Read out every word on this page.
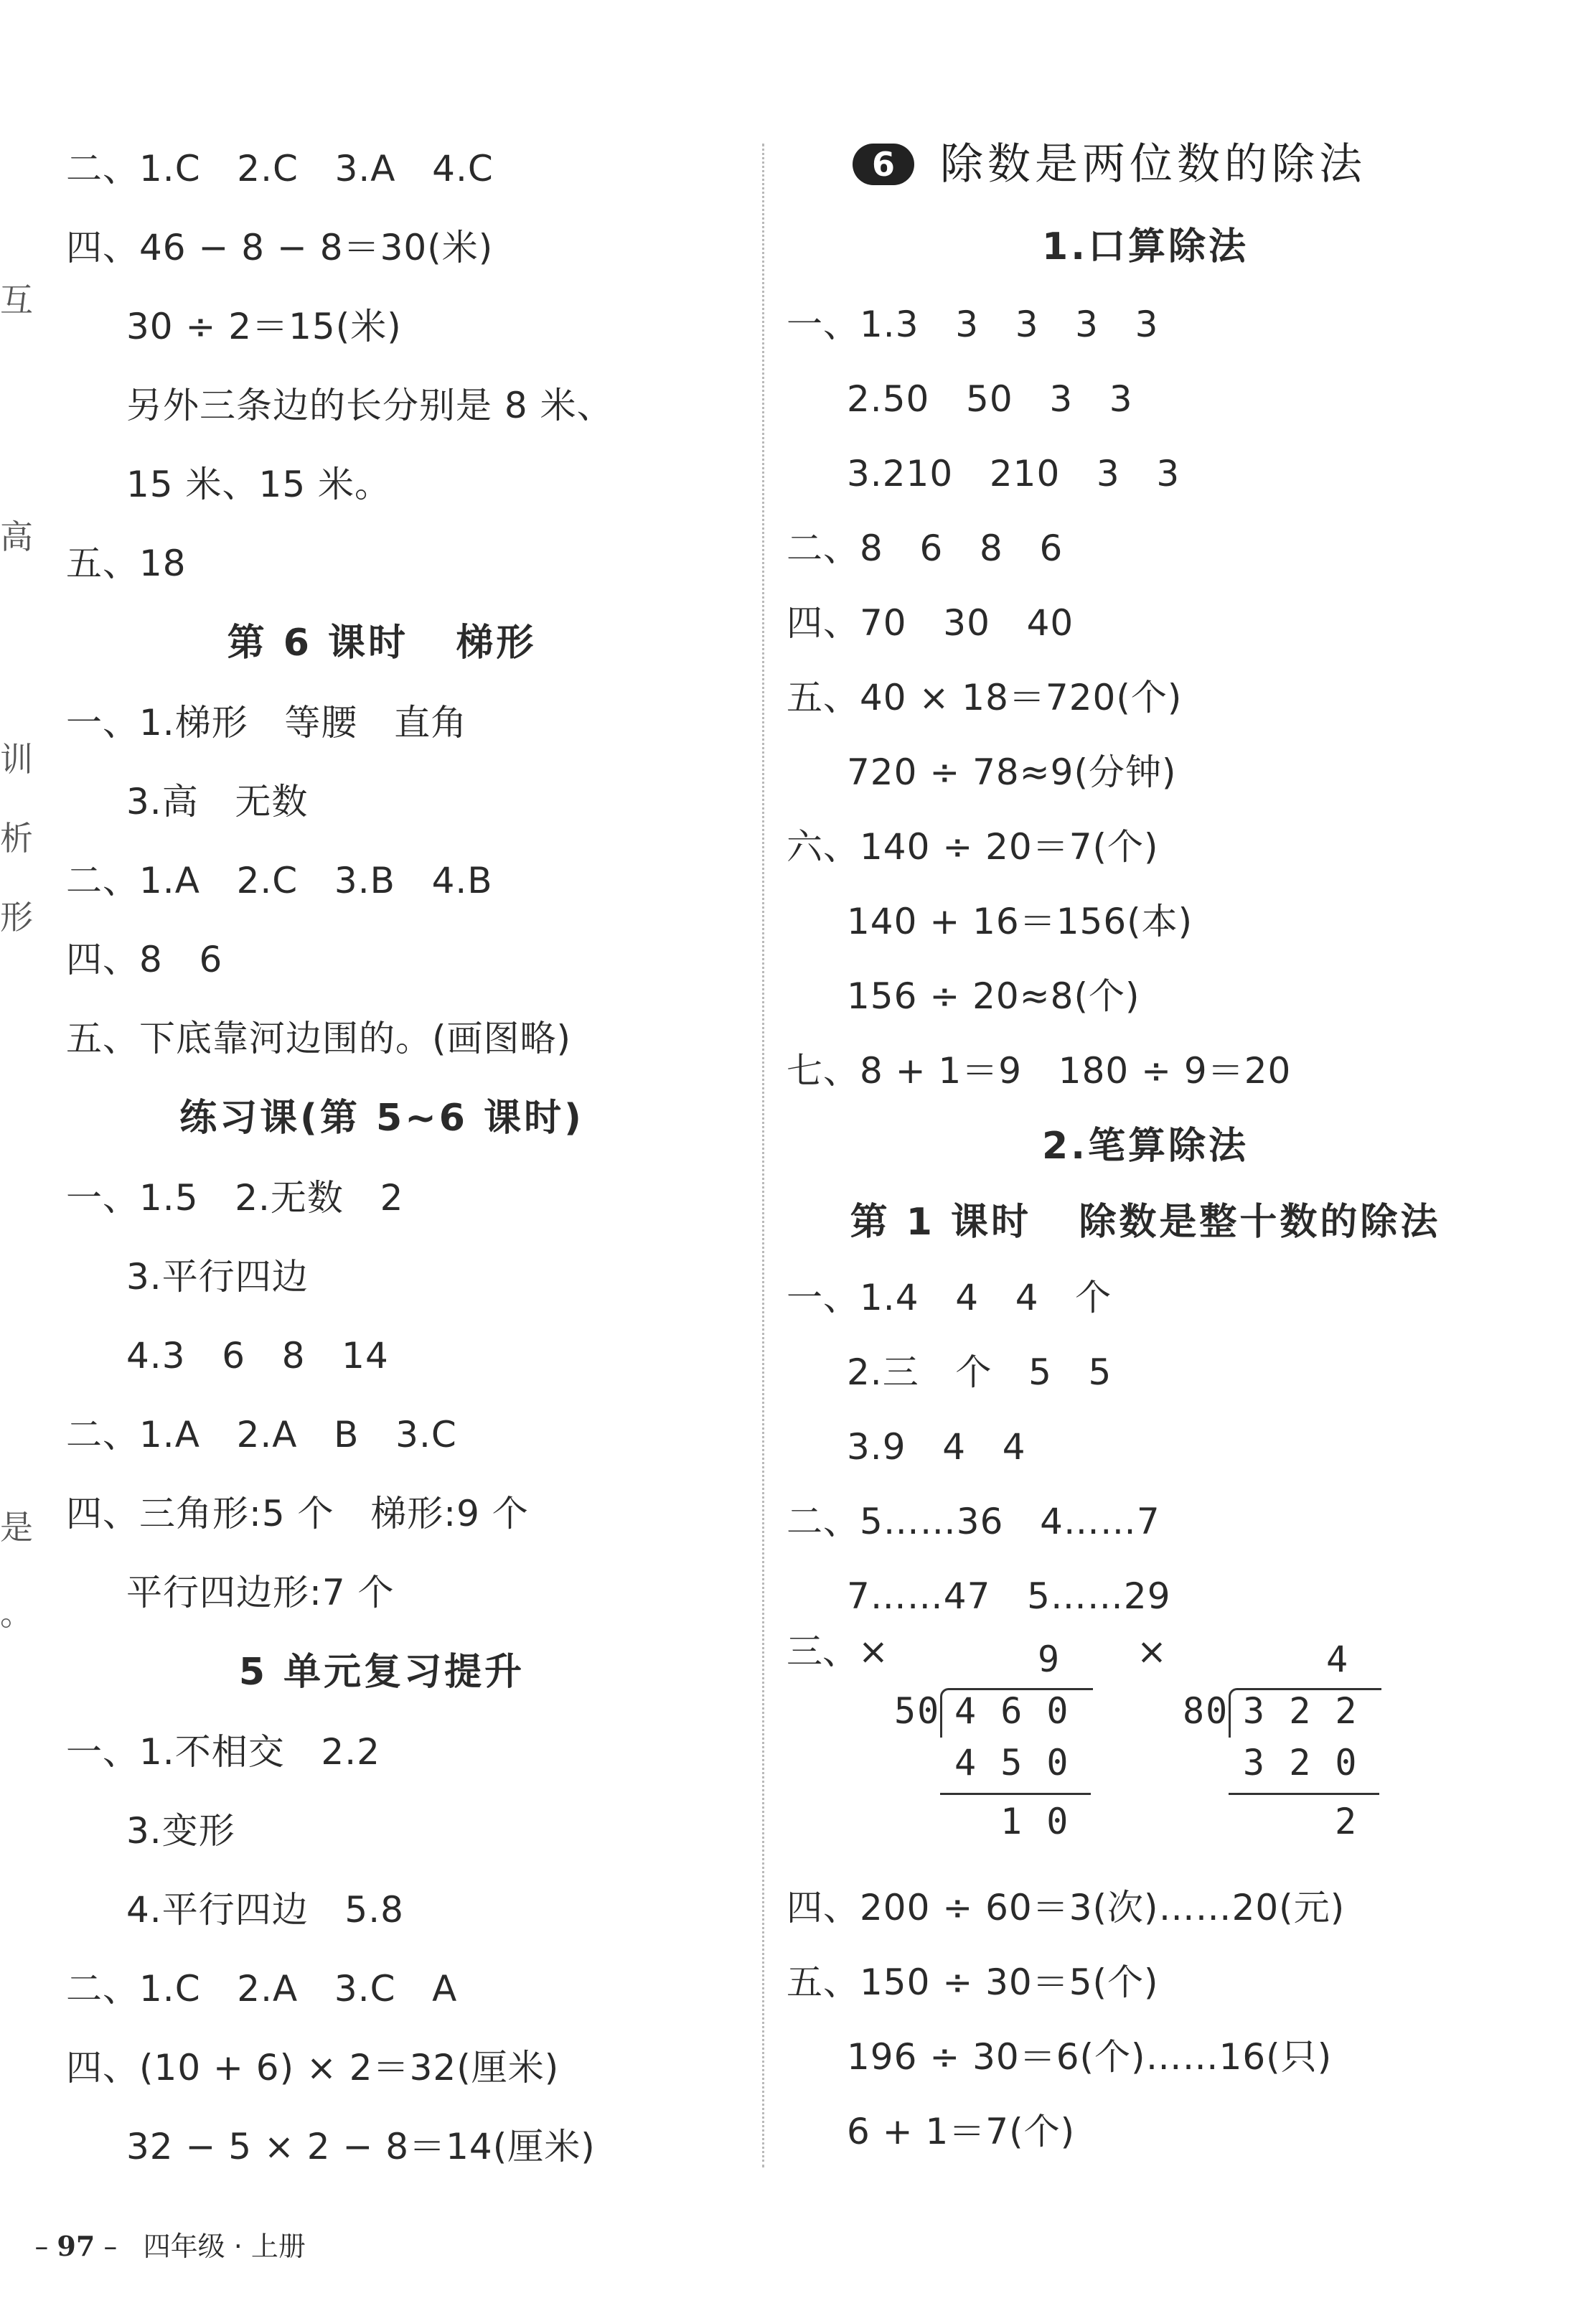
互
高
训
析
形
是
。
二、1.C   2.C   3.A   4.C
四、46 − 8 − 8＝30(米)
30 ÷ 2＝15(米)
另外三条边的长分别是 8 米、
15 米、15 米。
五、18
第 6 课时   梯形
一、1.梯形   等腰   直角
3.高   无数
二、1.A   2.C   3.B   4.B
四、8   6
五、下底靠河边围的。(画图略)
练习课(第 5~6 课时)
一、1.5   2.无数   2
3.平行四边
4.3   6   8   14
二、1.A   2.A   B   3.C
四、三角形:5 个   梯形:9 个
平行四边形:7 个
5 单元复习提升
一、1.不相交   2.2
3.变形
4.平行四边   5.8
二、1.C   2.A   3.C   A
四、(10 + 6) × 2＝32(厘米)
32 − 5 × 2 − 8＝14(厘米)
6	除数是两位数的除法
1.口算除法
一、1.3   3   3   3   3
2.50   50   3   3
3.210   210   3   3
二、8   6   8   6
四、70   30   40
五、40 × 18＝720(个)
720 ÷ 78≈9(分钟)
六、140 ÷ 20＝7(个)
140 + 16＝156(本)
156 ÷ 20≈8(个)
七、8 + 1＝9   180 ÷ 9＝20
2.笔算除法
第 1 课时   除数是整十数的除法
一、1.4   4   4   个
2.三   个   5   5
3.9   4   4
二、5……36   4……7
7……47   5……29
三、×	9
50 4 6 0
4 5 0
1 0
×	4
80 3 2 2
3 2 0
2
四、200 ÷ 60＝3(次)……20(元)
五、150 ÷ 30＝5(个)
196 ÷ 30＝6(个)……16(只)
6 + 1＝7(个)

– 97 –   四年级 · 上册
